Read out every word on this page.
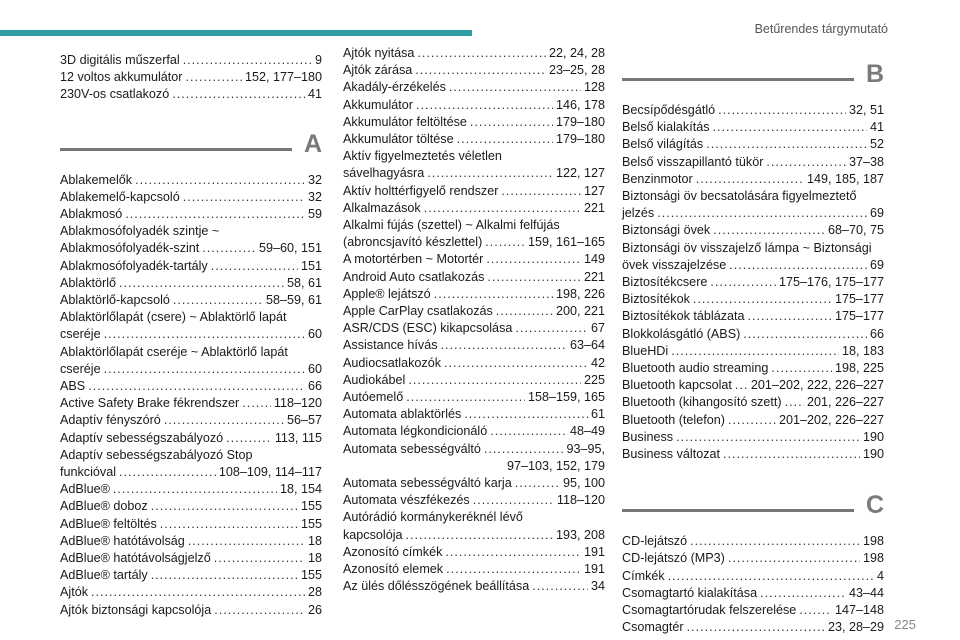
Betűrendes tárgymutató
3D digitális műszerfal .....	9
12 voltos akkumulátor .....	152, 177–180
230V-os csatlakozó .....	41
A
Ablakemelők .....	32
Ablakemelő-kapcsoló .....	32
Ablakmosó .....	59
Ablakmosófolyadék szintje ~
Ablakmosófolyadék-szint .....	59–60, 151
Ablakmosófolyadék-tartály .....	151
Ablaktörlő .....	58, 61
Ablaktörlő-kapcsoló .....	58–59, 61
Ablaktörlőlapát (csere) ~ Ablaktörlő lapát
cseréje .....	60
Ablaktörlőlapát cseréje ~ Ablaktörlő lapát
cseréje .....	60
ABS .....	66
Active Safety Brake fékrendszer .....	118–120
Adaptív fényszóró .....	56–57
Adaptív sebességszabályozó .....	113, 115
Adaptív sebességszabályozó Stop
funkcióval .....	108–109, 114–117
AdBlue® .....	18, 154
AdBlue® doboz .....	155
AdBlue® feltöltés .....	155
AdBlue® hatótávolság .....	18
AdBlue® hatótávolságjelző .....	18
AdBlue® tartály .....	155
Ajtók .....	28
Ajtók biztonsági kapcsolója .....	26
Ajtók nyitása .....	22, 24, 28
Ajtók zárása .....	23–25, 28
Akadály-érzékelés .....	128
Akkumulátor .....	146, 178
Akkumulátor feltöltése .....	179–180
Akkumulátor töltése .....	179–180
Aktív figyelmeztetés véletlen
sávelhagyásra .....	122, 127
Aktív holttérfigyelő rendszer .....	127
Alkalmazások .....	221
Alkalmi fújás (szettel) ~ Alkalmi felfújás
(abroncsjavító készlettel) .....	159, 161–165
A motortérben ~ Motortér .....	149
Android Auto csatlakozás .....	221
Apple® lejátszó .....	198, 226
Apple CarPlay csatlakozás .....	200, 221
ASR/CDS (ESC) kikapcsolása .....	67
Assistance hívás .....	63–64
Audiocsatlakozók .....	42
Audiokábel .....	225
Autóemelő .....	158–159, 165
Automata ablaktörlés .....	61
Automata légkondicionáló .....	48–49
Automata sebességváltó .....	93–95,
97–103, 152, 179
Automata sebességváltó karja .....	95, 100
Automata vészfékezés .....	118–120
Autórádió kormánykeréknél lévő
kapcsolója .....	193, 208
Azonosító címkék .....	191
Azonosító elemek .....	191
Az ülés dőlésszögének beállítása .....	34
B
Becsípődésgátló .....	32, 51
Belső kialakítás .....	41
Belső világítás .....	52
Belső visszapillantó tükör .....	37–38
Benzinmotor .....	149, 185, 187
Biztonsági öv becsatolására figyelmeztető
jelzés .....	69
Biztonsági övek .....	68–70, 75
Biztonsági öv visszajelző lámpa ~ Biztonsági
övek visszajelzése .....	69
Biztosítékcsere .....	175–176, 175–177
Biztosítékok .....	175–177
Biztosítékok táblázata .....	175–177
Blokkolásgátló (ABS) .....	66
BlueHDi .....	18, 183
Bluetooth audio streaming .....	198, 225
Bluetooth kapcsolat ..... 201–202, 222, 226–227
Bluetooth (kihangosító szett) ..... 201, 226–227
Bluetooth (telefon) .....	201–202, 226–227
Business .....	190
Business változat .....	190
C
CD-lejátszó .....	198
CD-lejátszó (MP3) .....	198
Címkék .....	4
Csomagtartó kialakítása .....	43–44
Csomagtartórudak felszerelése .....	147–148
Csomagtér .....	23, 28–29 225
